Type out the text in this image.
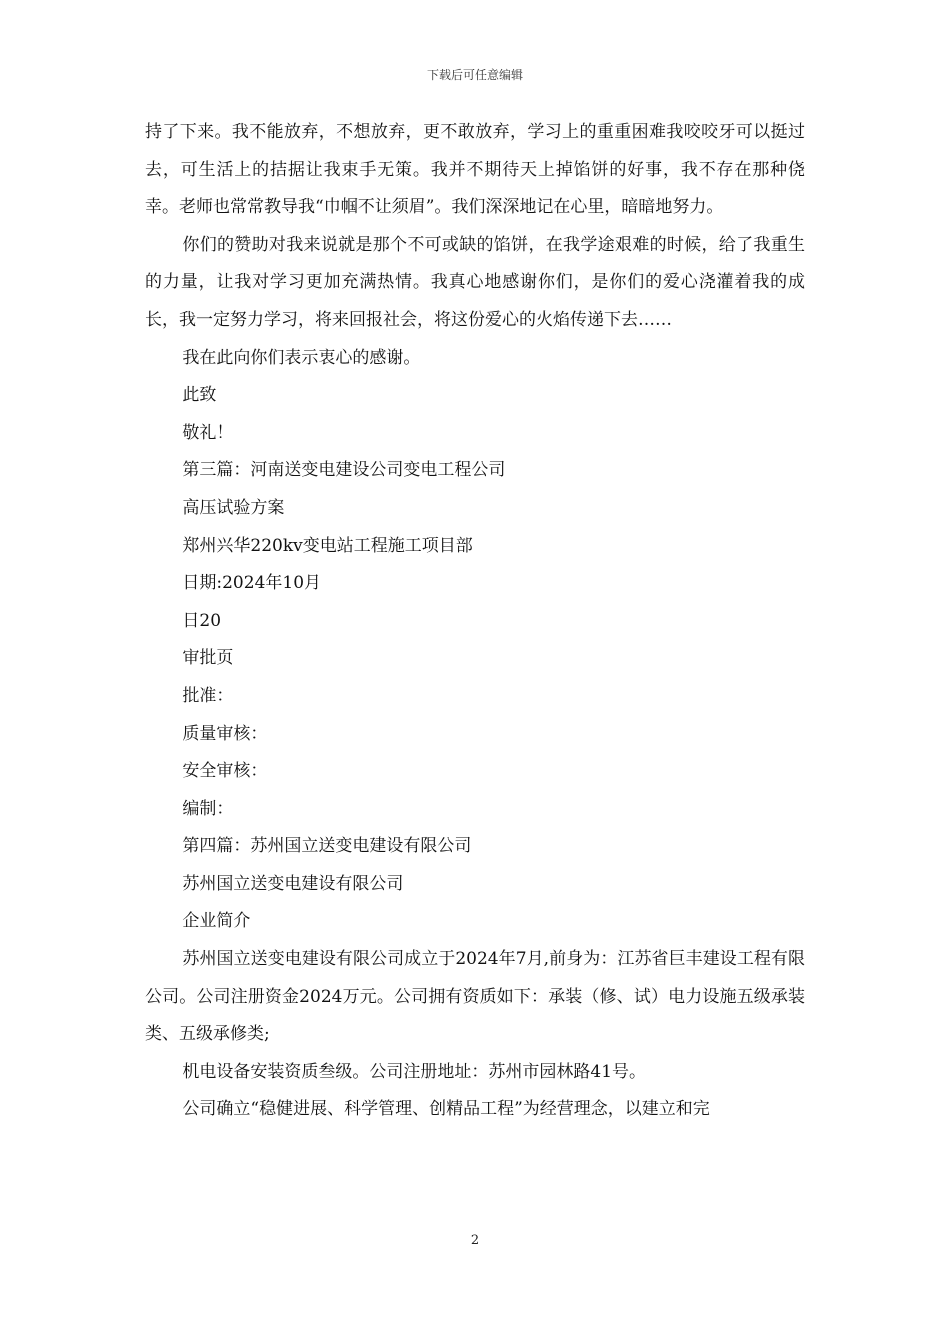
下载后可任意编辑

持了下来。我不能放弃，不想放弃，更不敢放弃，学习上的重重困难我咬咬牙可以挺过去，可生活上的拮据让我束手无策。我并不期待天上掉馅饼的好事，我不存在那种侥幸。老师也常常教导我“巾帼不让须眉”。我们深深地记在心里，暗暗地努力。

你们的赞助对我来说就是那个不可或缺的馅饼，在我学途艰难的时候，给了我重生的力量，让我对学习更加充满热情。我真心地感谢你们，是你们的爱心浇灌着我的成长，我一定努力学习，将来回报社会，将这份爱心的火焰传递下去……

我在此向你们表示衷心的感谢。

此致

敬礼！

第三篇：河南送变电建设公司变电工程公司

高压试验方案

郑州兴华220kv变电站工程施工项目部

日期:2024年10月

日20

审批页

批准：

质量审核：

安全审核：

编制：

第四篇：苏州国立送变电建设有限公司

苏州国立送变电建设有限公司

企业简介

苏州国立送变电建设有限公司成立于2024年7月,前身为：江苏省巨丰建设工程有限公司。公司注册资金2024万元。公司拥有资质如下：承装（修、试）电力设施五级承装类、五级承修类;

机电设备安装资质叁级。公司注册地址：苏州市园林路41号。

公司确立“稳健进展、科学管理、创精品工程”为经营理念，以建立和完

2
